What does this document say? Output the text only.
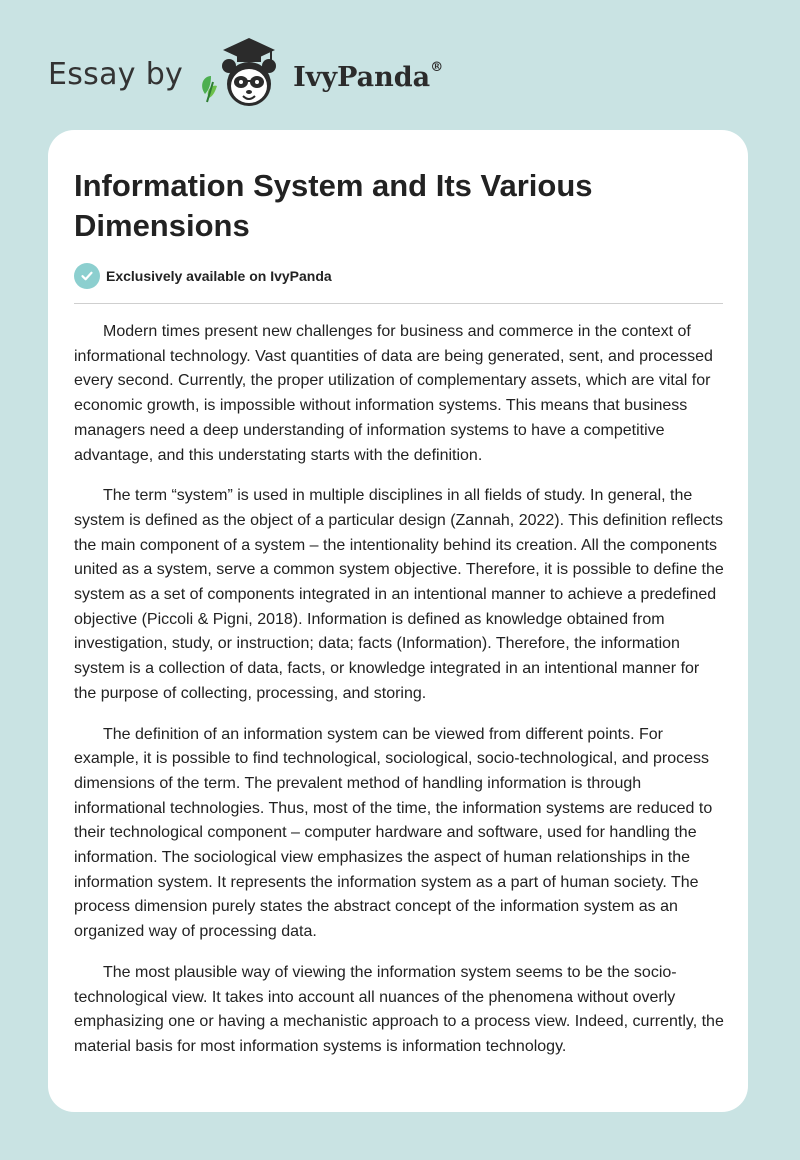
Essay by	IvyPanda®
Information System and Its Various Dimensions
Exclusively available on IvyPanda

Modern times present new challenges for business and commerce in the context of informational technology. Vast quantities of data are being generated, sent, and processed every second. Currently, the proper utilization of complementary assets, which are vital for economic growth, is impossible without information systems. This means that business managers need a deep understanding of information systems to have a competitive advantage, and this understating starts with the definition.

The term “system” is used in multiple disciplines in all fields of study. In general, the system is defined as the object of a particular design (Zannah, 2022). This definition reflects the main component of a system – the intentionality behind its creation. All the components united as a system, serve a common system objective. Therefore, it is possible to define the system as a set of components integrated in an intentional manner to achieve a predefined objective (Piccoli & Pigni, 2018). Information is defined as knowledge obtained from investigation, study, or instruction; data; facts (Information). Therefore, the information system is a collection of data, facts, or knowledge integrated in an intentional manner for the purpose of collecting, processing, and storing.

The definition of an information system can be viewed from different points. For example, it is possible to find technological, sociological, socio-technological, and process dimensions of the term. The prevalent method of handling information is through informational technologies. Thus, most of the time, the information systems are reduced to their technological component – computer hardware and software, used for handling the information. The sociological view emphasizes the aspect of human relationships in the information system. It represents the information system as a part of human society. The process dimension purely states the abstract concept of the information system as an organized way of processing data.

The most plausible way of viewing the information system seems to be the socio-technological view. It takes into account all nuances of the phenomena without overly emphasizing one or having a mechanistic approach to a process view. Indeed, currently, the material basis for most information systems is information technology.
